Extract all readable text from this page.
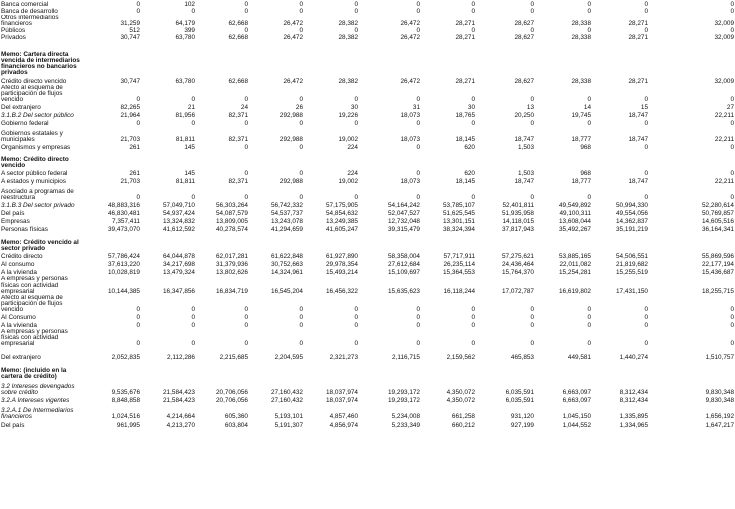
Banca comercial	0	102	0	0	0	0	0	0	0	0	0
Banca de desarrollo	0	0	0	0	0	0	0	0	0	0	0
Otros intermediarios financieros	31,259	64,179	62,668	26,472	28,382	26,472	28,271	28,627	28,338	28,271	32,009
Públicos	512	399	0	0	0	0	0	0	0	0	0
Privados	30,747	63,780	62,668	26,472	28,382	26,472	28,271	28,627	28,338	28,271	32,009
Memo: Cartera directa vencida de intermediarios financieros no bancarios privados											
Crédito directo vencido	30,747	63,780	62,668	26,472	28,382	26,472	28,271	28,627	28,338	28,271	32,009
Afecto al esquema de participación de flujos vencido	0	0	0	0	0	0	0	0	0	0	0
Del extranjero	82,265	21	24	26	30	31	30	13	14	15	27
3.1.B.2 Del sector público	21,964	81,956	82,371	292,988	19,226	18,073	18,765	20,250	19,745	18,747	22,211
Gobierno federal	0	0	0	0	0	0	0	0	0	0	0
Gobiernos estatales y municipales	21,703	81,811	82,371	292,988	19,002	18,073	18,145	18,747	18,777	18,747	22,211
Organismos y empresas	261	145	0	0	224	0	620	1,503	968	0	0
Memo: Crédito directo vencido											
A sector público federal	261	145	0	0	224	0	620	1,503	968	0	0
A estados y municipios	21,703	81,811	82,371	292,988	19,002	18,073	18,145	18,747	18,777	18,747	22,211
Asociado a programas de reestructura	0	0	0	0	0	0	0	0	0	0	0
3.1.B.3 Del sector privado	48,883,316	57,049,710	56,303,264	56,742,332	57,175,905	54,164,242	53,785,107	52,401,811	49,549,892	50,994,330	52,280,614
Del país	46,830,481	54,937,424	54,087,579	54,537,737	54,854,632	52,047,527	51,625,545	51,935,958	49,100,311	49,554,056	50,769,857
Empresas	7,357,411	13,324,832	13,809,005	13,243,078	13,249,385	12,732,048	13,301,151	14,118,015	13,608,044	14,362,837	14,605,516
Personas físicas	39,473,070	41,612,592	40,278,574	41,294,659	41,605,247	39,315,479	38,324,394	37,817,943	35,492,267	35,191,219	36,164,341
Memo: Crédito vencido al sector privado											
Crédito directo	57,786,424	64,044,878	62,017,281	61,622,848	61,927,890	58,358,004	57,717,911	57,275,621	53,885,165	54,506,551	55,869,596
Al consumo	37,613,220	34,217,698	31,379,936	30,752,663	29,978,354	27,612,684	26,235,114	24,436,464	22,011,082	21,819,682	22,177,194
A la vivienda	10,028,819	13,479,324	13,802,626	14,324,961	15,493,214	15,109,697	15,364,553	15,764,370	15,254,281	15,255,519	15,436,687
A empresas y personas físicas con actividad empresarial	10,144,385	16,347,856	16,834,719	16,545,204	16,456,322	15,635,623	16,118,244	17,072,787	16,619,802	17,431,150	18,255,715
Afecto al esquema de participación de flujos vencido	0	0	0	0	0	0	0	0	0	0	0
Al Consumo	0	0	0	0	0	0	0	0	0	0	0
A la vivienda	0	0	0	0	0	0	0	0	0	0	0
A empresas y personas físicas con actividad empresarial	0	0	0	0	0	0	0	0	0	0	0
Del extranjero	2,052,835	2,112,286	2,215,685	2,204,595	2,321,273	2,116,715	2,159,562	465,853	449,581	1,440,274	1,510,757
Memo: (incluido en la cartera de crédito)											
3.2 Intereses devengados sobre crédito	9,535,676	21,584,423	20,706,056	27,160,432	18,037,974	19,293,172	4,350,072	6,035,591	6,663,097	8,312,434	9,830,348
3.2.A Intereses vigentes	8,848,858	21,584,423	20,706,056	27,160,432	18,037,974	19,293,172	4,350,072	6,035,591	6,663,097	8,312,434	9,830,348
3.2.A.1 De Intermediarios financieros	1,024,516	4,214,664	605,360	5,193,101	4,857,460	5,234,008	661,258	931,120	1,045,150	1,335,895	1,656,192
Del país	961,995	4,213,270	603,804	5,191,307	4,856,974	5,233,349	660,212	927,199	1,044,552	1,334,965	1,647,217
